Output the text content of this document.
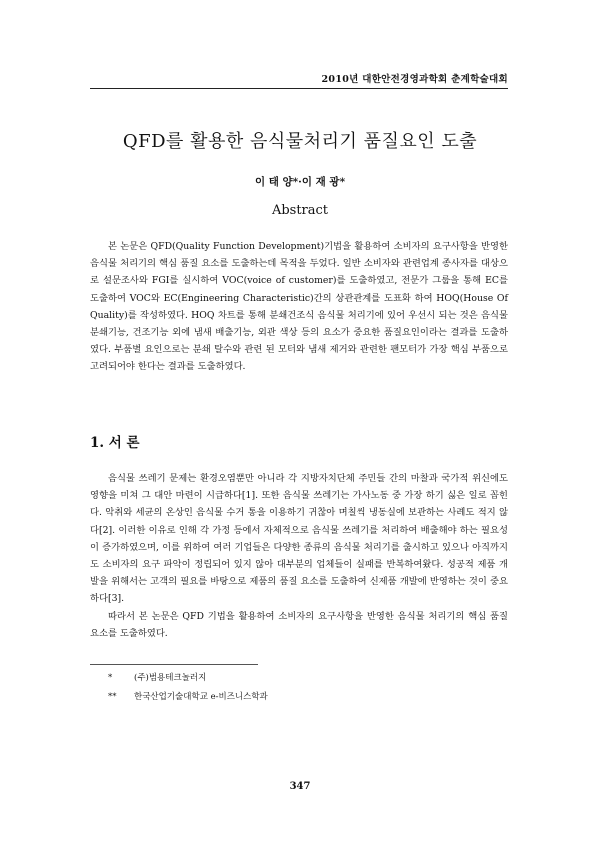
2010년 대한안전경영과학회 춘계학술대회
QFD를 활용한 음식물처리기 품질요인 도출
이 태 양*·이 재 광*
Abstract

본 논문은 QFD(Quality Function Development)기법을 활용하여 소비자의 요구사항을 반영한 음식물 처리기의 핵심 품질 요소를 도출하는데 목적을 두었다. 일반 소비자와 관련업계 종사자를 대상으로 설문조사와 FGI를 실시하여 VOC(voice of customer)를 도출하였고, 전문가 그룹을 통해 EC를 도출하여 VOC와 EC(Engineering Characteristic)간의 상관관계를 도표화 하여 HOQ(House Of Quality)를 작성하였다. HOQ 차트를 통해 분쇄건조식 음식물 처리기에 있어 우선시 되는 것은 음식물 분쇄기능, 건조기능 외에 냄새 배출기능, 외관 색상 등의 요소가 중요한 품질요인이라는 결과를 도출하였다. 부품별 요인으로는 분쇄 탈수와 관련 된 모터와 냄새 제거와 관련한 팬모터가 가장 핵심 부품으로 고려되어야 한다는 결과를 도출하였다.

1. 서 론

음식물 쓰레기 문제는 환경오염뿐만 아니라 각 지방자치단체 주민들 간의 마찰과 국가적 위신에도 영향을 미쳐 그 대안 마련이 시급하다[1]. 또한 음식물 쓰레기는 가사노동 중 가장 하기 싫은 일로 꼽힌다. 악취와 세균의 온상인 음식물 수거 통을 이용하기 귀찮아 며칠씩 냉동실에 보관하는 사례도 적지 않다[2]. 이러한 이유로 인해 각 가정 등에서 자체적으로 음식물 쓰레기를 처리하여 배출해야 하는 필요성이 증가하였으며, 이를 위하여 여러 기업들은 다양한 종류의 음식물 처리기를 출시하고 있으나 아직까지도 소비자의 요구 파악이 정립되어 있지 않아 대부분의 업체들이 실패를 반복하여왔다. 성공적 제품 개발을 위해서는 고객의 필요를 바탕으로 제품의 품질 요소를 도출하여 신제품 개발에 반영하는 것이 중요하다[3].

따라서 본 논문은 QFD 기법을 활용하여 소비자의 요구사항을 반영한 음식물 처리기의 핵심 품질 요소를 도출하였다.

*	(주)범용테크놀러지
** 한국산업기술대학교 e-비즈니스학과
347
